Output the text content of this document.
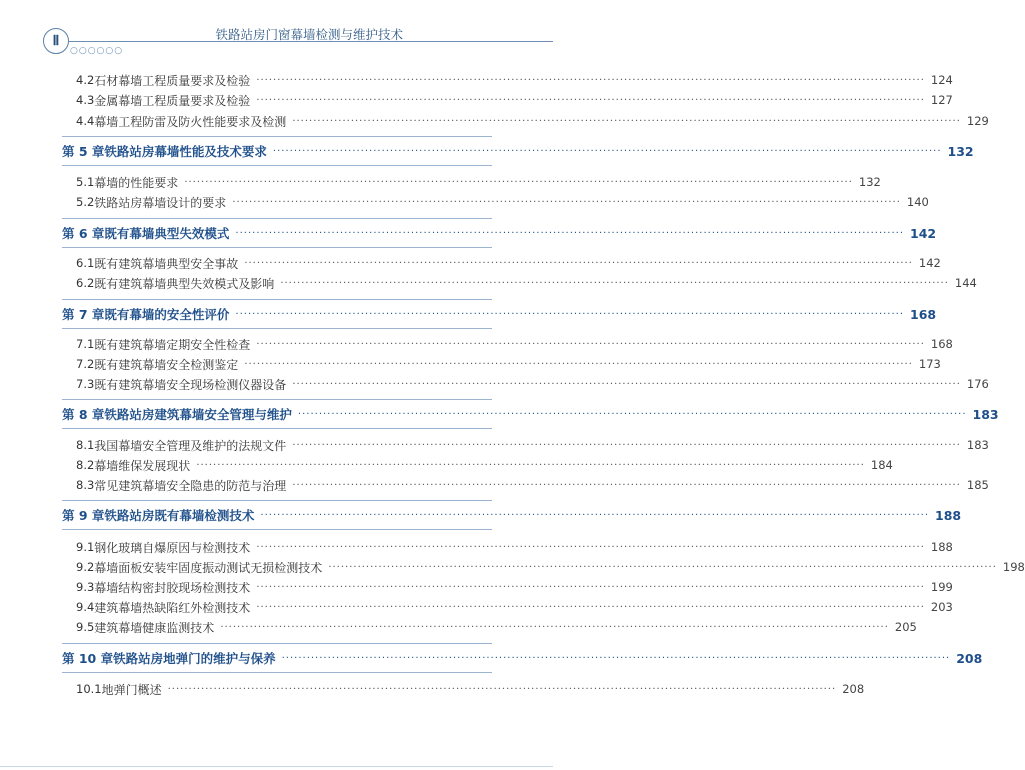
Ⅱ
○○○○○○
铁路站房门窗幕墙检测与维护技术
4.2 石材幕墙工程质量要求及检验 ································································································································································ 124
4.3 金属幕墙工程质量要求及检验 ································································································································································ 127
4.4 幕墙工程防雷及防火性能要求及检测 ································································································································································ 129
第 5 章 铁路站房幕墙性能及技术要求 ································································································································································ 132
5.1 幕墙的性能要求 ································································································································································ 132
5.2 铁路站房幕墙设计的要求 ································································································································································ 140
第 6 章 既有幕墙典型失效模式 ································································································································································ 142
6.1 既有建筑幕墙典型安全事故 ································································································································································ 142
6.2 既有建筑幕墙典型失效模式及影响 ································································································································································ 144
第 7 章 既有幕墙的安全性评价 ································································································································································ 168
7.1 既有建筑幕墙定期安全性检查 ································································································································································ 168
7.2 既有建筑幕墙安全检测鉴定 ································································································································································ 173
7.3 既有建筑幕墙安全现场检测仪器设备 ································································································································································ 176
第 8 章 铁路站房建筑幕墙安全管理与维护 ································································································································································ 183
8.1 我国幕墙安全管理及维护的法规文件 ································································································································································ 183
8.2 幕墙维保发展现状 ································································································································································ 184
8.3 常见建筑幕墙安全隐患的防范与治理 ································································································································································ 185
第 9 章 铁路站房既有幕墙检测技术 ································································································································································ 188
9.1 钢化玻璃自爆原因与检测技术 ································································································································································ 188
9.2 幕墙面板安装牢固度振动测试无损检测技术 ································································································································································ 198
9.3 幕墙结构密封胶现场检测技术 ································································································································································ 199
9.4 建筑幕墙热缺陷红外检测技术 ································································································································································ 203
9.5 建筑幕墙健康监测技术 ································································································································································ 205
第 10 章 铁路站房地弹门的维护与保养 ································································································································································ 208
10.1 地弹门概述 ································································································································································ 208
